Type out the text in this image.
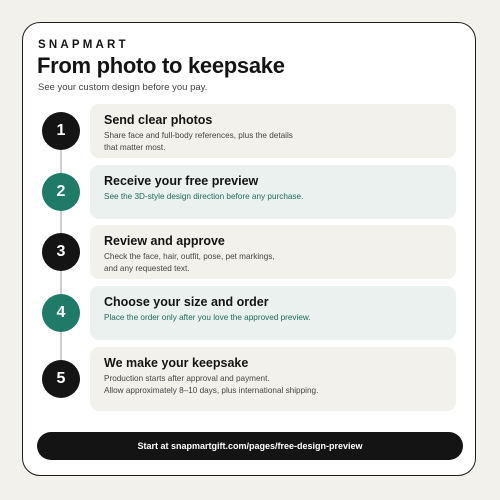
SNAPMART
From photo to keepsake
See your custom design before you pay.
1
Send clear photos
Share face and full-body references, plus the details
that matter most.
2
Receive your free preview
See the 3D-style design direction before any purchase.
3
Review and approve
Check the face, hair, outfit, pose, pet markings,
and any requested text.
4
Choose your size and order
Place the order only after you love the approved preview.
5
We make your keepsake
Production starts after approval and payment.
Allow approximately 8–10 days, plus international shipping.
Start at snapmartgift.com/pages/free-design-preview
